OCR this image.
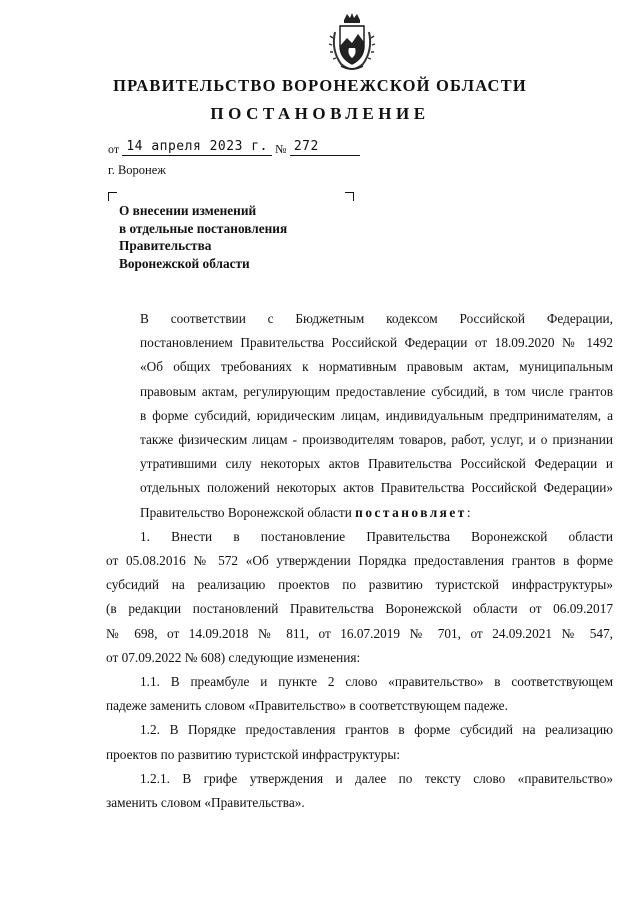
ПРАВИТЕЛЬСТВО ВОРОНЕЖСКОЙ ОБЛАСТИ
ПОСТАНОВЛЕНИЕ
от 14 апреля 2023 г. № 272
г. Воронеж
О внесении изменений
в отдельные постановления
Правительства
Воронежской области
В соответствии с Бюджетным кодексом Российской Федерации,
постановлением Правительства Российской Федерации от 18.09.2020 № 1492
«Об общих требованиях к нормативным правовым актам, муниципальным
правовым актам, регулирующим предоставление субсидий, в том числе грантов
в форме субсидий, юридическим лицам, индивидуальным предпринимателям, а
также физическим лицам - производителям товаров, работ, услуг, и о признании
утратившими силу некоторых актов Правительства Российской Федерации и
отдельных положений некоторых актов Правительства Российской Федерации»
Правительство Воронежской области постановляет:
1. Внести в постановление Правительства Воронежской области
от 05.08.2016 № 572 «Об утверждении Порядка предоставления грантов в форме
субсидий на реализацию проектов по развитию туристской инфраструктуры»
(в редакции постановлений Правительства Воронежской области от 06.09.2017
№ 698, от 14.09.2018 № 811, от 16.07.2019 № 701, от 24.09.2021 № 547,
от 07.09.2022 № 608) следующие изменения:
1.1. В преамбуле и пункте 2 слово «правительство» в соответствующем
падеже заменить словом «Правительство» в соответствующем падеже.
1.2. В Порядке предоставления грантов в форме субсидий на реализацию
проектов по развитию туристской инфраструктуры:
1.2.1. В грифе утверждения и далее по тексту слово «правительство»
заменить словом «Правительства».
